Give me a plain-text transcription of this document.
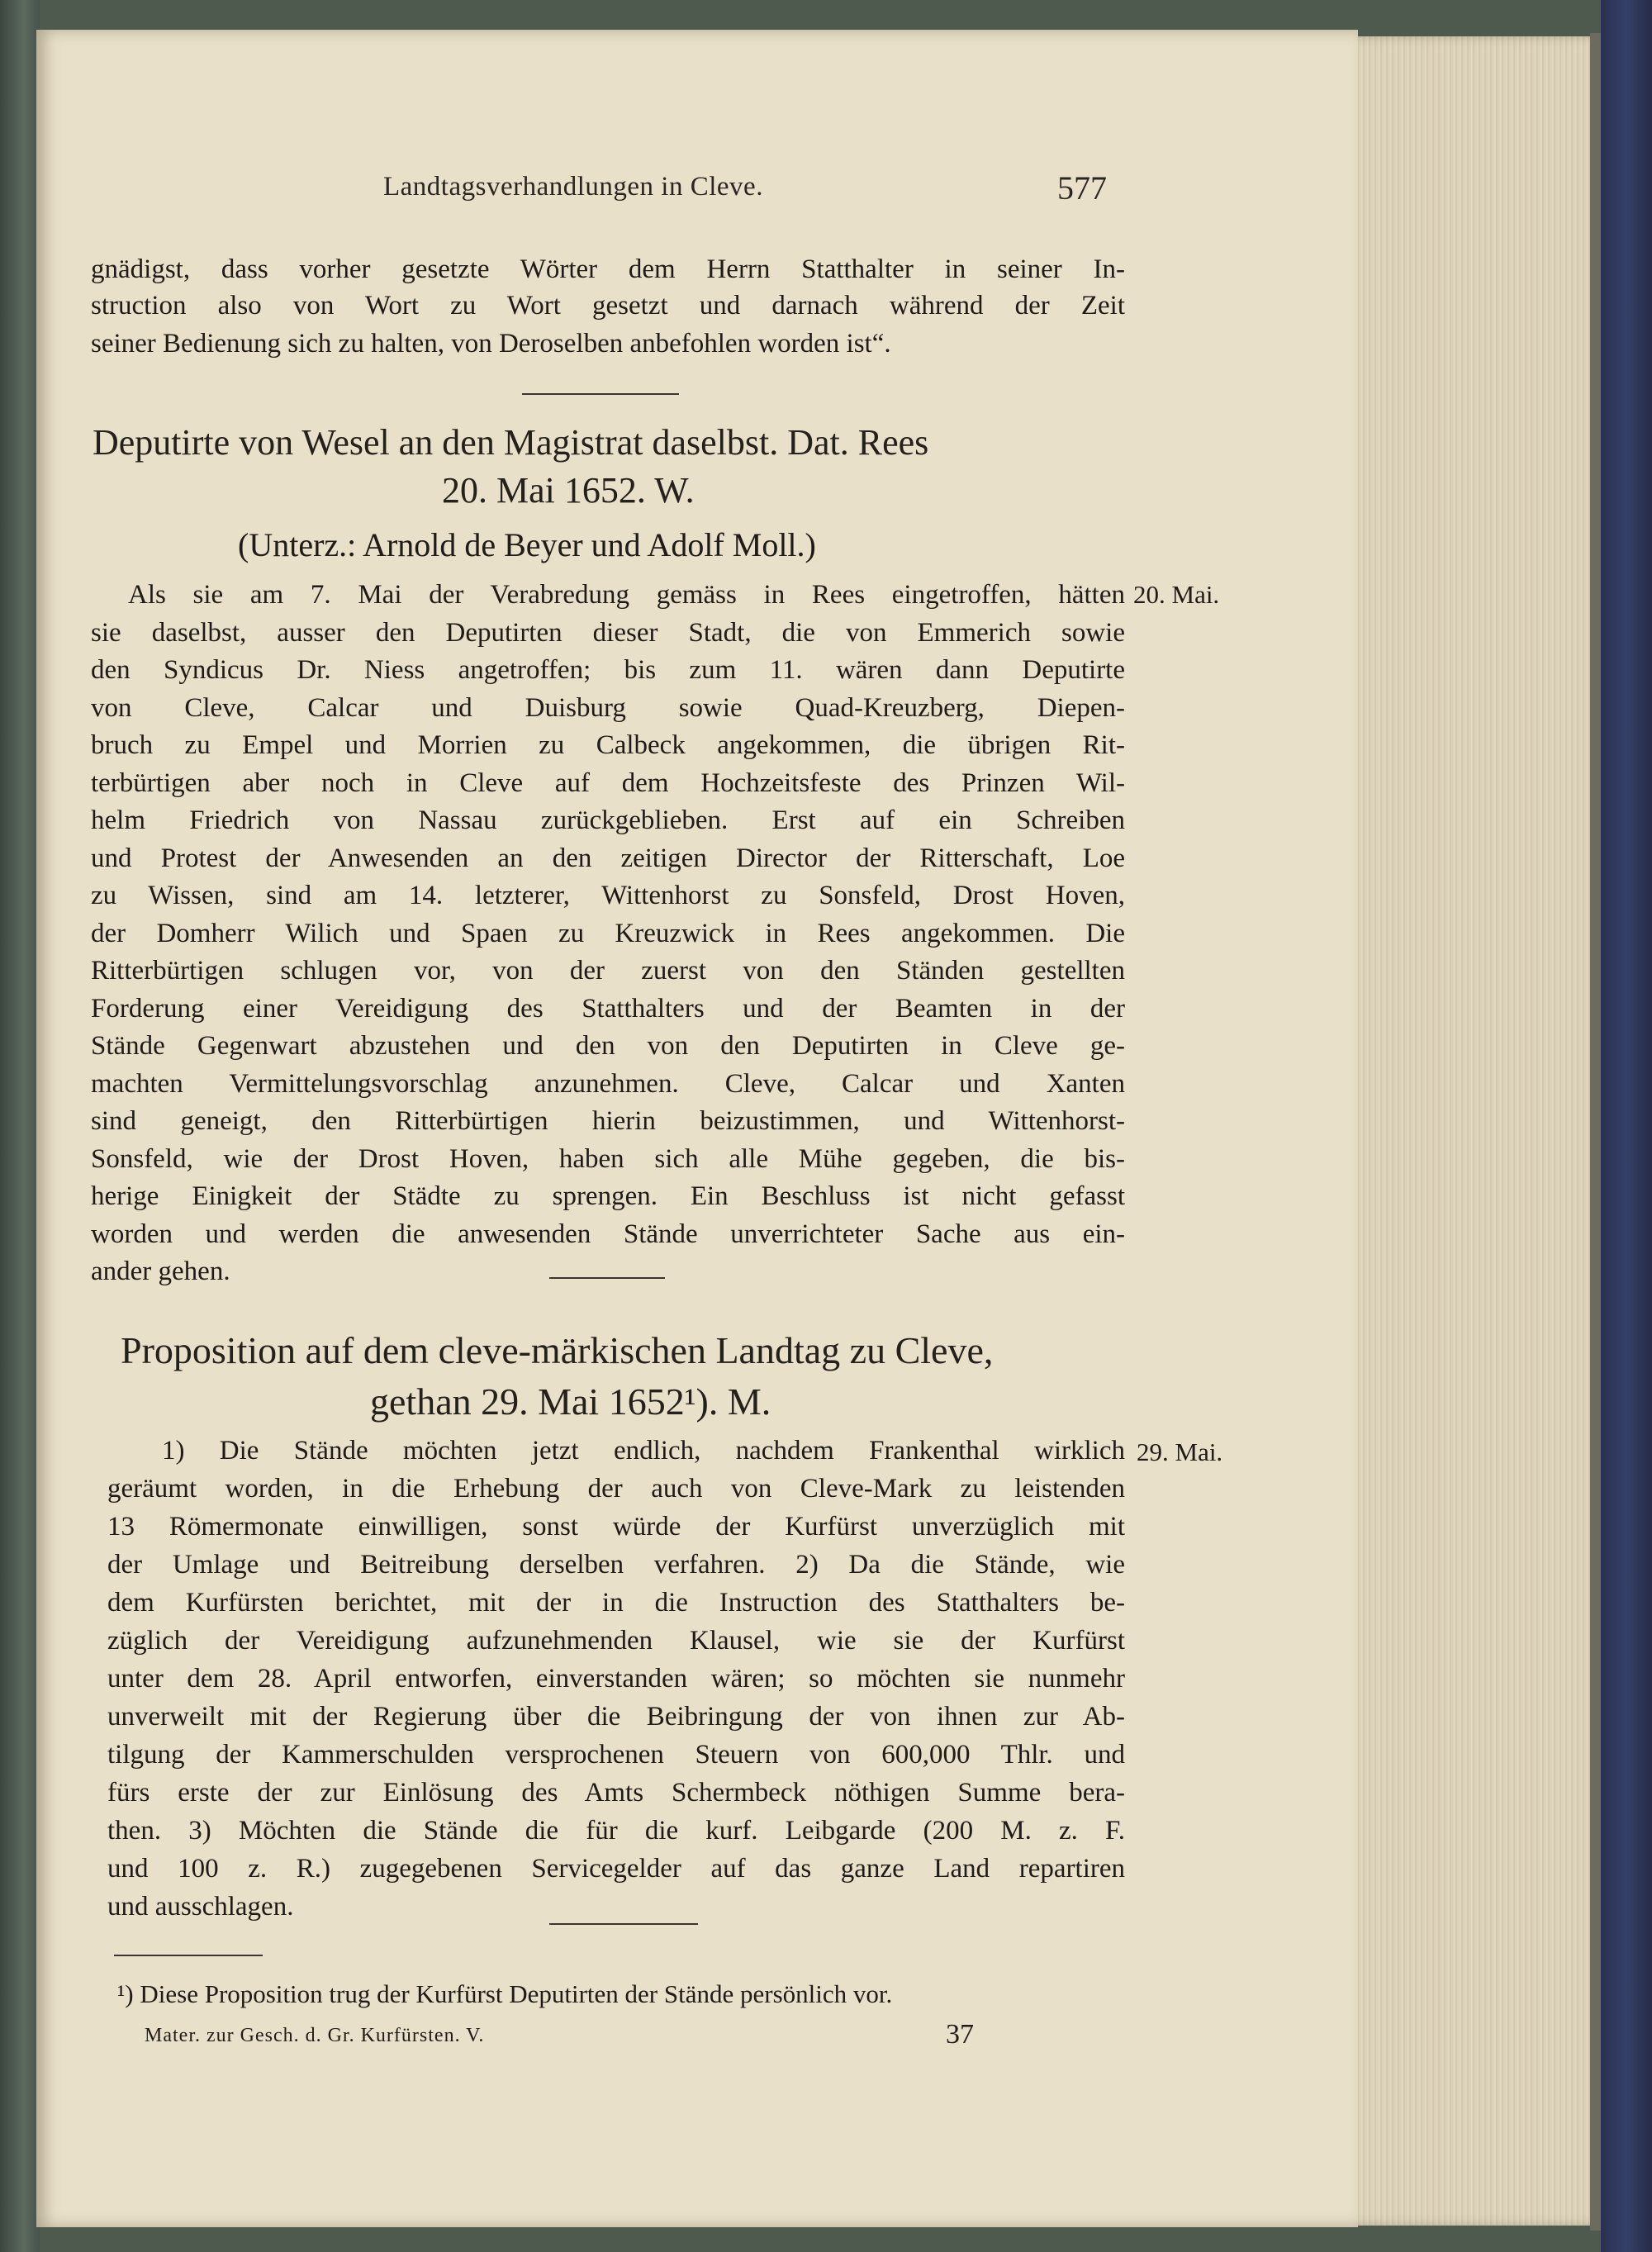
Landtagsverhandlungen in Cleve.	577

gnädigst, dass vorher gesetzte Wörter dem Herrn Statthalter in seiner In-

struction also von Wort zu Wort gesetzt und darnach während der Zeit

seiner Bedienung sich zu halten, von Deroselben anbefohlen worden ist“.

Deputirte von Wesel an den Magistrat daselbst. Dat. Rees

20. Mai 1652. W.

(Unterz.: Arnold de Beyer und Adolf Moll.)

20. Mai.

Als sie am 7. Mai der Verabredung gemäss in Rees eingetroffen, hätten

sie daselbst, ausser den Deputirten dieser Stadt, die von Emmerich sowie

den Syndicus Dr. Niess angetroffen; bis zum 11. wären dann Deputirte

von Cleve, Calcar und Duisburg sowie Quad-Kreuzberg, Diepen-

bruch zu Empel und Morrien zu Calbeck angekommen, die übrigen Rit-

terbürtigen aber noch in Cleve auf dem Hochzeitsfeste des Prinzen Wil-

helm Friedrich von Nassau zurückgeblieben. Erst auf ein Schreiben

und Protest der Anwesenden an den zeitigen Director der Ritterschaft, Loe

zu Wissen, sind am 14. letzterer, Wittenhorst zu Sonsfeld, Drost Hoven,

der Domherr Wilich und Spaen zu Kreuzwick in Rees angekommen. Die

Ritterbürtigen schlugen vor, von der zuerst von den Ständen gestellten

Forderung einer Vereidigung des Statthalters und der Beamten in der

Stände Gegenwart abzustehen und den von den Deputirten in Cleve ge-

machten Vermittelungsvorschlag anzunehmen. Cleve, Calcar und Xanten

sind geneigt, den Ritterbürtigen hierin beizustimmen, und Wittenhorst-

Sonsfeld, wie der Drost Hoven, haben sich alle Mühe gegeben, die bis-

herige Einigkeit der Städte zu sprengen. Ein Beschluss ist nicht gefasst

worden und werden die anwesenden Stände unverrichteter Sache aus ein-

ander gehen.

Proposition auf dem cleve-märkischen Landtag zu Cleve,

gethan 29. Mai 1652¹). M.

29. Mai.

1) Die Stände möchten jetzt endlich, nachdem Frankenthal wirklich

geräumt worden, in die Erhebung der auch von Cleve-Mark zu leistenden

13 Römermonate einwilligen, sonst würde der Kurfürst unverzüglich mit

der Umlage und Beitreibung derselben verfahren. 2) Da die Stände, wie

dem Kurfürsten berichtet, mit der in die Instruction des Statthalters be-

züglich der Vereidigung aufzunehmenden Klausel, wie sie der Kurfürst

unter dem 28. April entworfen, einverstanden wären; so möchten sie nunmehr

unverweilt mit der Regierung über die Beibringung der von ihnen zur Ab-

tilgung der Kammerschulden versprochenen Steuern von 600,000 Thlr. und

fürs erste der zur Einlösung des Amts Schermbeck nöthigen Summe bera-

then. 3) Möchten die Stände die für die kurf. Leibgarde (200 M. z. F.

und 100 z. R.) zugegebenen Servicegelder auf das ganze Land repartiren

und ausschlagen.

¹) Diese Proposition trug der Kurfürst Deputirten der Stände persönlich vor.

Mater. zur Gesch. d. Gr. Kurfürsten. V.	37
